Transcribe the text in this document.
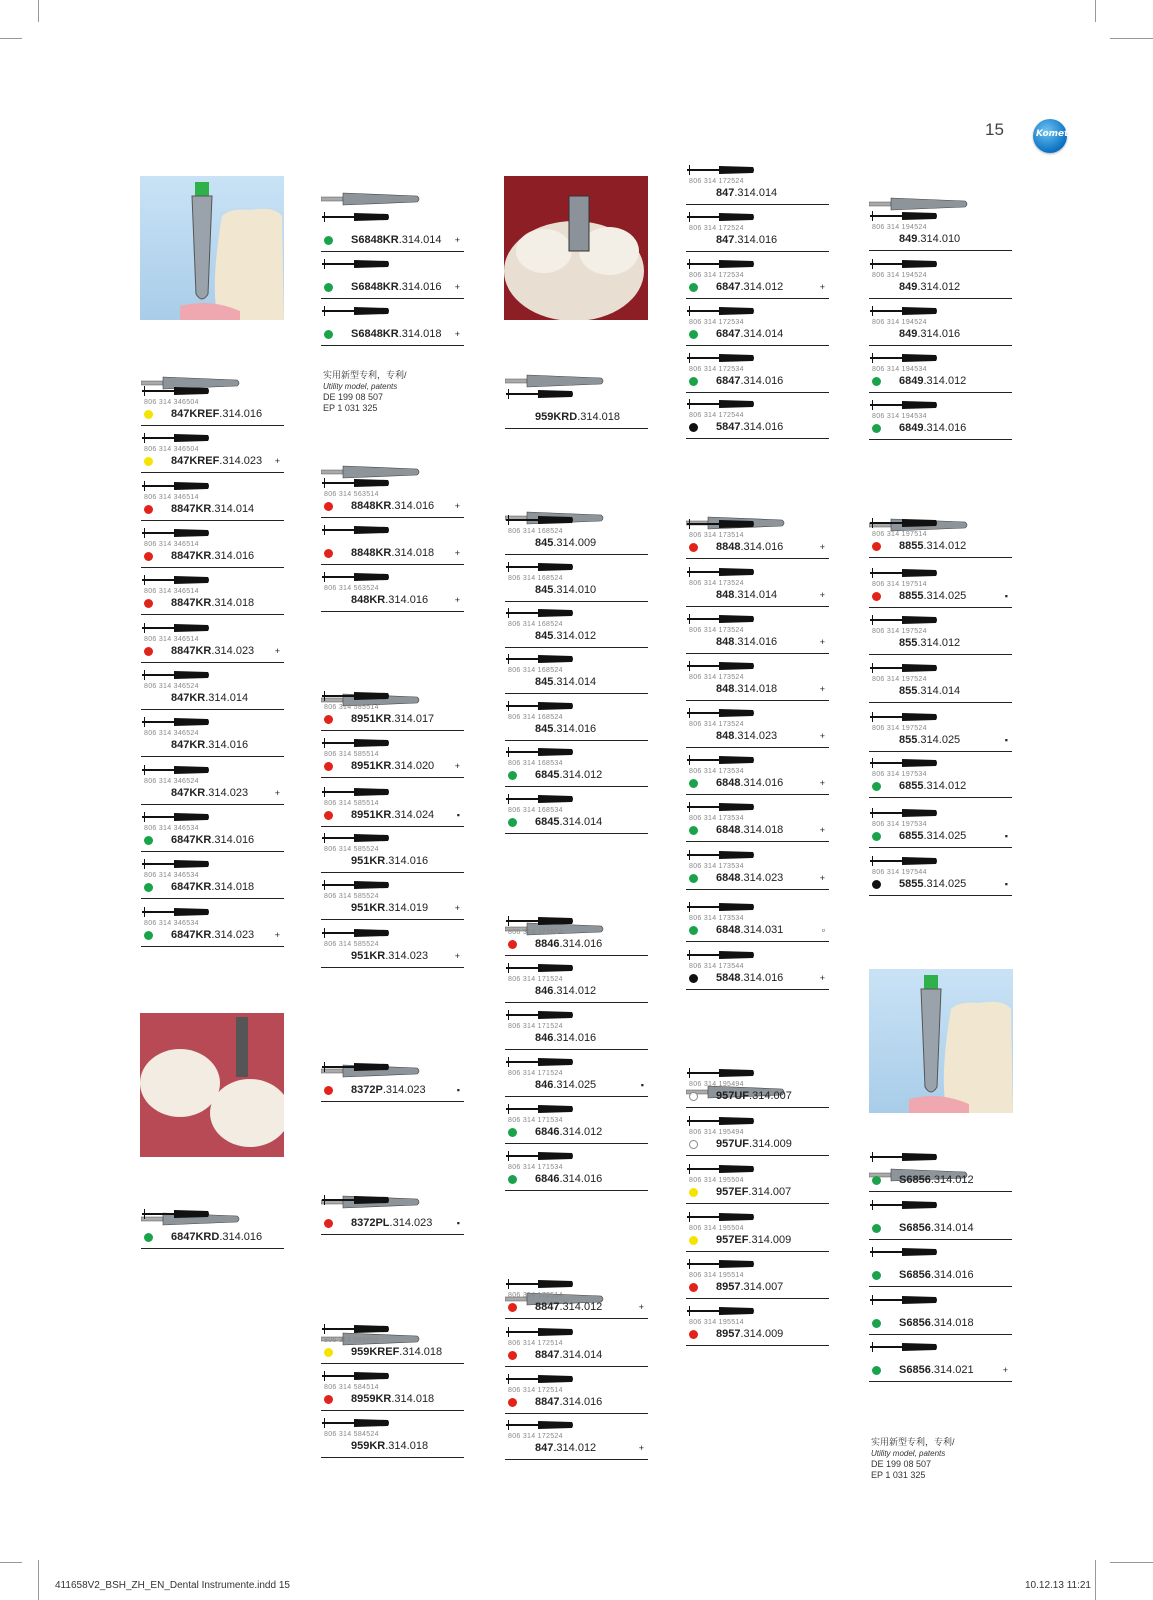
15	Komet
806 314 346504
847KREF.314.016
806 314 346504
847KREF.314.023 +
806 314 346514
8847KR.314.014
806 314 346514
8847KR.314.016
806 314 346514
8847KR.314.018
806 314 346514
8847KR.314.023 +
806 314 346524
847KR.314.014
806 314 346524
847KR.314.016
806 314 346524
847KR.314.023	+
806 314 346534
6847KR.314.016
806 314 346534
6847KR.314.018
806 314 346534
6847KR.314.023 +
6847KRD.314.016
S6848KR.314.014 +
S6848KR.314.016 +
S6848KR.314.018 +
806 314 563514
8848KR.314.016 +
8848KR.314.018 +
806 314 563524
848KR.314.016	+
806 314 585514
8951KR.314.017
806 314 585514
8951KR.314.020 +
806 314 585514
8951KR.314.024	▪
806 314 585524
951KR.314.016
806 314 585524
951KR.314.019	+
806 314 585524
951KR.314.023	+
8372P.314.023	▪
8372PL.314.023	▪
806 314 584504
959KREF.314.018
806 314 584514
8959KR.314.018
806 314 584524
959KR.314.018
959KRD.314.018
806 314 168524
845.314.009
806 314 168524
845.314.010
806 314 168524
845.314.012
806 314 168524
845.314.014
806 314 168524
845.314.016
806 314 168534
6845.314.012
806 314 168534
6845.314.014
806 314 171514
8846.314.016
806 314 171524
846.314.012
806 314 171524
846.314.016
806 314 171524
846.314.025	▪
806 314 171534
6846.314.012
806 314 171534
6846.314.016
806 314 172514
8847.314.012	+
806 314 172514
8847.314.014
806 314 172514
8847.314.016
806 314 172524
847.314.012	+
806 314 172524
847.314.014
806 314 172524
847.314.016
806 314 172534
6847.314.012	+
806 314 172534
6847.314.014
806 314 172534
6847.314.016
806 314 172544
5847.314.016
806 314 173514
8848.314.016	+
806 314 173524
848.314.014	+
806 314 173524
848.314.016	+
806 314 173524
848.314.018	+
806 314 173524
848.314.023	+
806 314 173534
6848.314.016	+
806 314 173534
6848.314.018	+
806 314 173534
6848.314.023	+
806 314 173534
6848.314.031	▫
806 314 173544
5848.314.016	+
806 314 195494
957UF.314.007
806 314 195494
957UF.314.009
806 314 195504
957EF.314.007
806 314 195504
957EF.314.009
806 314 195514
8957.314.007
806 314 195514
8957.314.009
806 314 194524
849.314.010
806 314 194524
849.314.012
806 314 194524
849.314.016
806 314 194534
6849.314.012
806 314 194534
6849.314.016
806 314 197514
8855.314.012
806 314 197514
8855.314.025	▪
806 314 197524
855.314.012
806 314 197524
855.314.014
806 314 197524
855.314.025	▪
806 314 197534
6855.314.012
806 314 197534
6855.314.025	▪
806 314 197544
5855.314.025	▪
S6856.314.012
S6856.314.014
S6856.314.016
S6856.314.018
S6856.314.021	+
实用新型专利，专利/
Utility model, patents
DE 199 08 507
EP 1 031 325
实用新型专利，专利/
Utility model, patents
DE 199 08 507
EP 1 031 325
411658V2_BSH_ZH_EN_Dental Instrumente.indd 15	10.12.13 11:21
